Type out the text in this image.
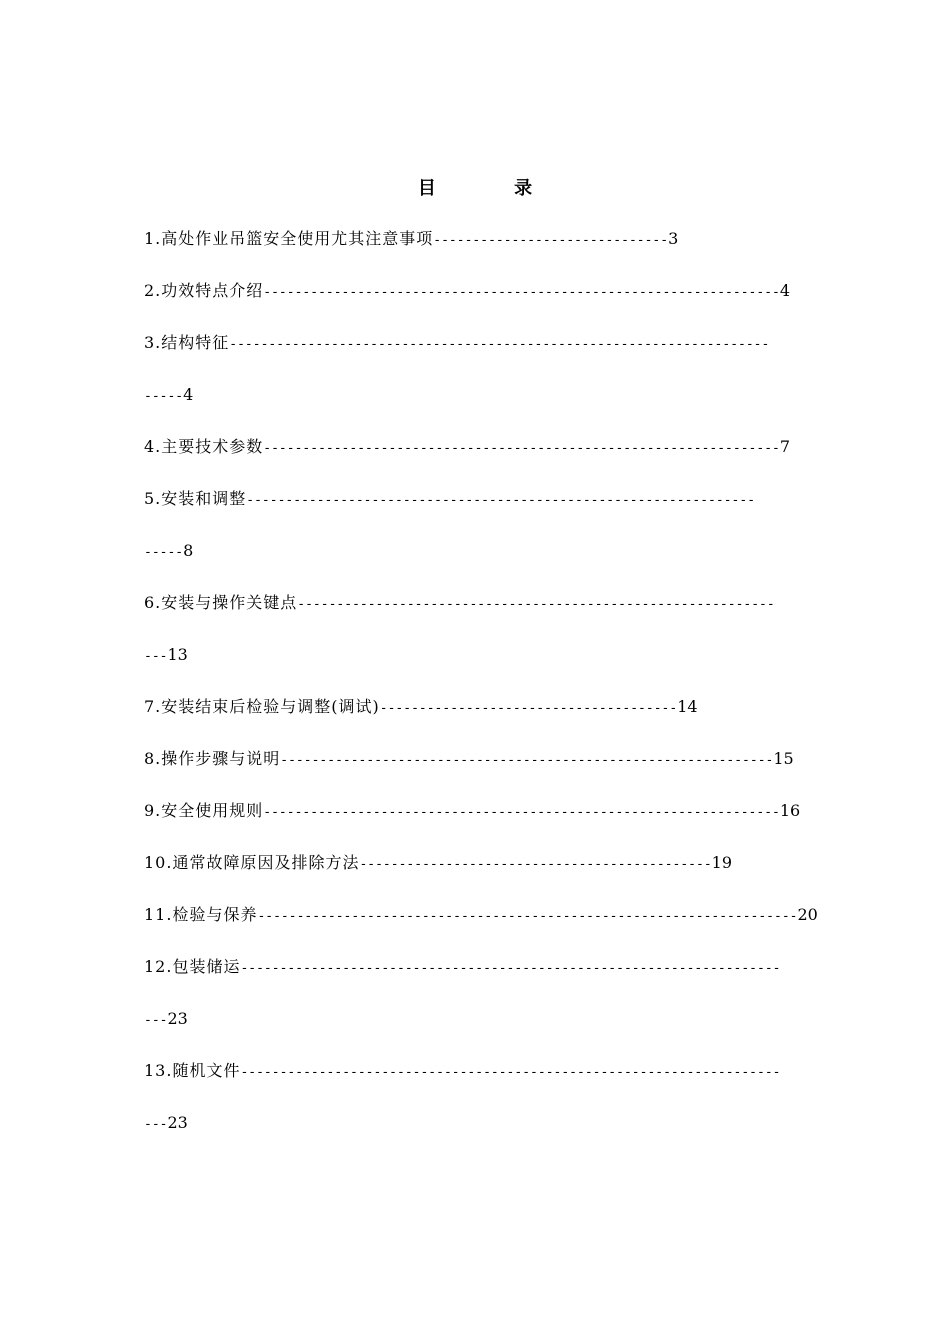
目 录
1.高处作业吊篮安全使用尤其注意事项------------------------------3
2.功效特点介绍------------------------------------------------------------------4
3.结构特征---------------------------------------------------------------------
-----4
4.主要技术参数------------------------------------------------------------------7
5.安装和调整-----------------------------------------------------------------
-----8
6.安装与操作关键点-------------------------------------------------------------
---13
7.安装结束后检验与调整(调试)--------------------------------------14
8.操作步骤与说明---------------------------------------------------------------15
9.安全使用规则------------------------------------------------------------------16
10.通常故障原因及排除方法---------------------------------------------19
11.检验与保养---------------------------------------------------------------------20
12.包装储运---------------------------------------------------------------------
---23
13.随机文件---------------------------------------------------------------------
---23
